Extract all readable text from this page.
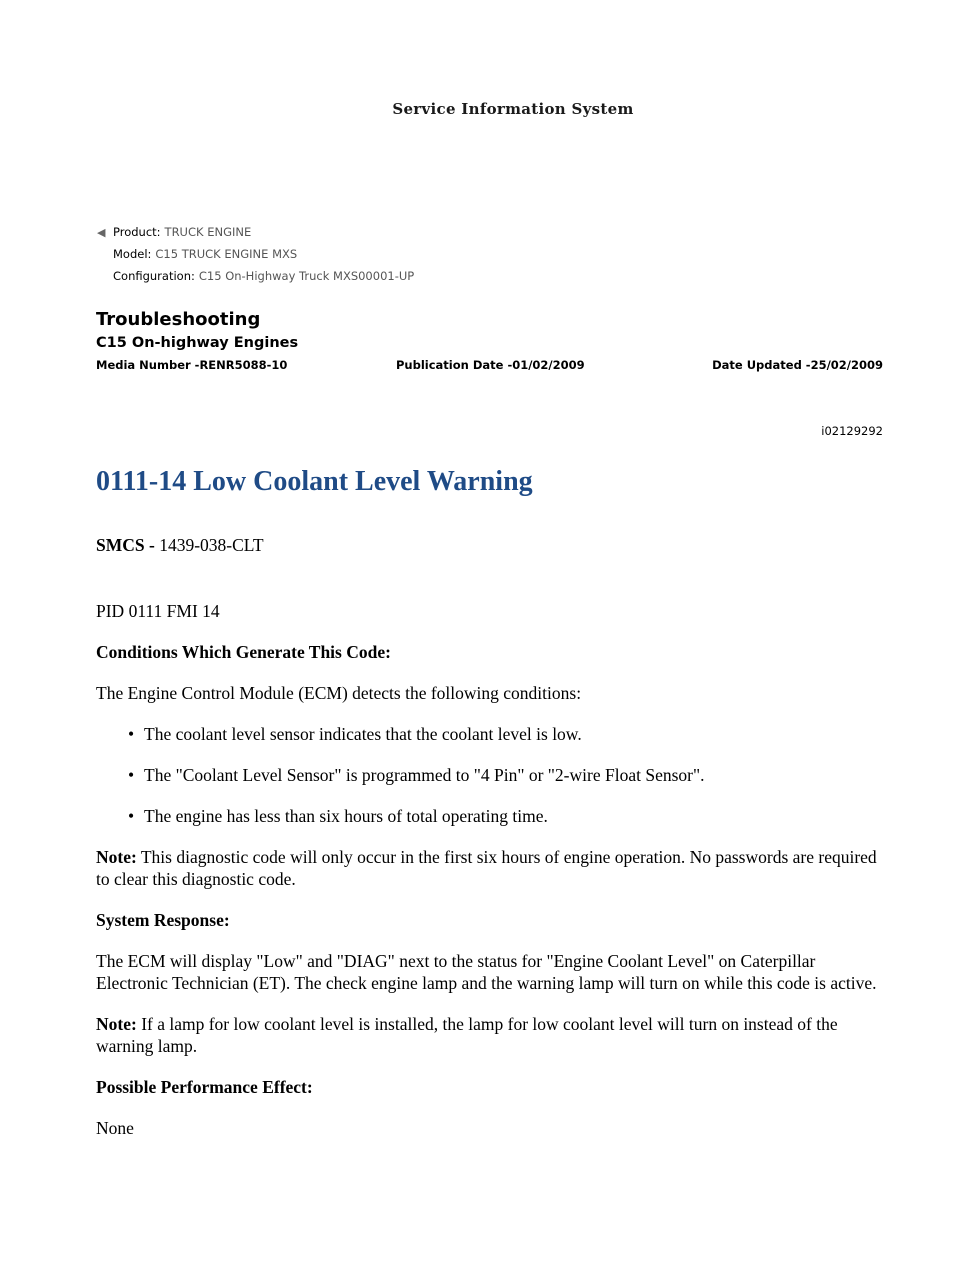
Service Information System
◀ Product: TRUCK ENGINE
Model: C15 TRUCK ENGINE MXS
Configuration: C15 On-Highway Truck MXS00001-UP
Troubleshooting
C15 On-highway Engines
Media Number -RENR5088-10	Publication Date -01/02/2009	Date Updated -25/02/2009
i02129292
0111-14 Low Coolant Level Warning

SMCS - 1439-038-CLT

PID 0111 FMI 14

Conditions Which Generate This Code:

The Engine Control Module (ECM) detects the following conditions:

• The coolant level sensor indicates that the coolant level is low.
• The "Coolant Level Sensor" is programmed to "4 Pin" or "2-wire Float Sensor".
• The engine has less than six hours of total operating time.

Note: This diagnostic code will only occur in the first six hours of engine operation. No passwords are required to clear this diagnostic code.

System Response:

The ECM will display "Low" and "DIAG" next to the status for "Engine Coolant Level" on Caterpillar Electronic Technician (ET). The check engine lamp and the warning lamp will turn on while this code is active.

Note: If a lamp for low coolant level is installed, the lamp for low coolant level will turn on instead of the warning lamp.

Possible Performance Effect:

None
